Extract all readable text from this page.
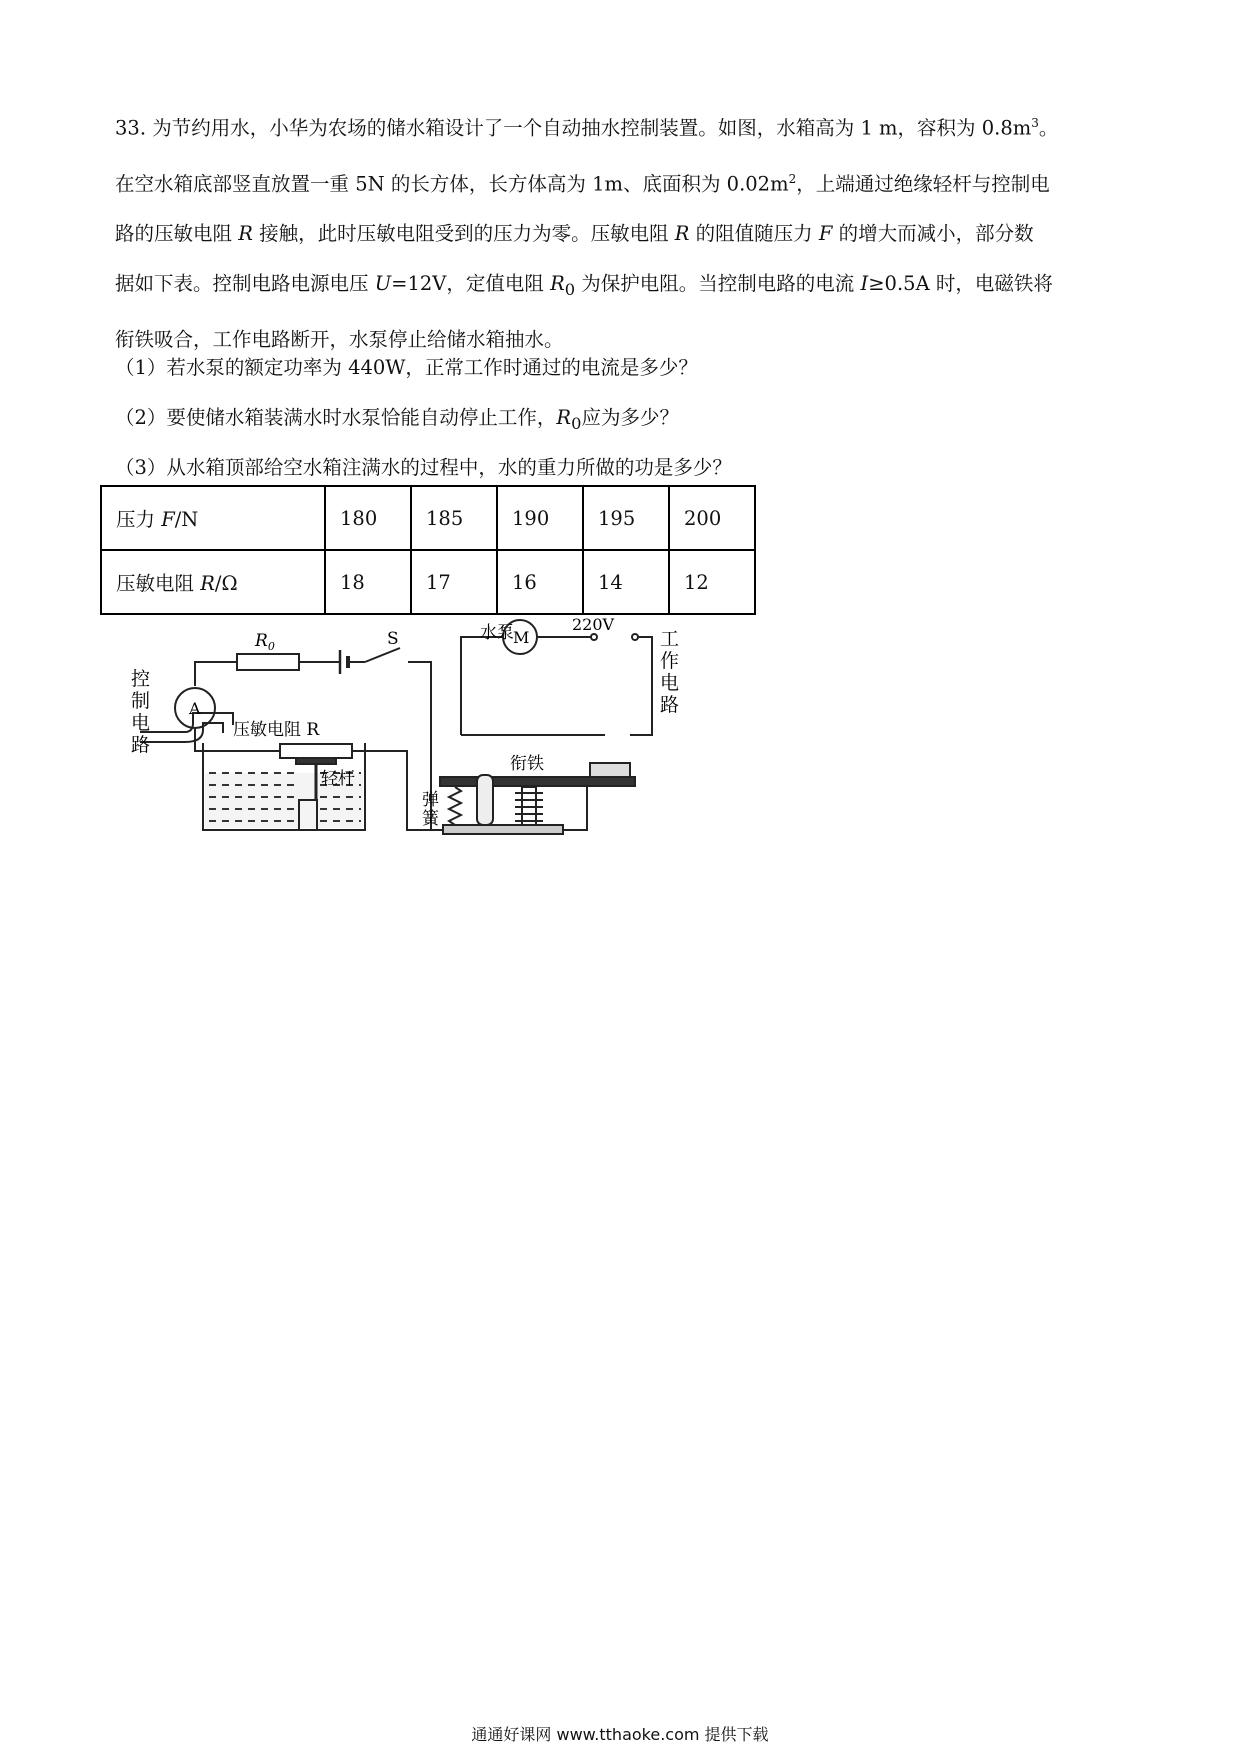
33. 为节约用水，小华为农场的储水箱设计了一个自动抽水控制装置。如图，水箱高为 1 m，容积为 $0.8m^3$。

在空水箱底部竖直放置一重 5N 的长方体，长方体高为 1m、底面积为 $0.02m^2$，上端通过绝缘轻杆与控制电

路的压敏电阻 R 接触，此时压敏电阻受到的压力为零。压敏电阻 R 的阻值随压力 F 的增大而减小，部分数

据如下表。控制电路电源电压 U=12V，定值电阻 $R_0$ 为保护电阻。当控制电路的电流 I≥0.5A 时，电磁铁将

衔铁吸合，工作电路断开，水泵停止给储水箱抽水。

（1）若水泵的额定功率为 440W，正常工作时通过的电流是多少？

（2）要使储水箱装满水时水泵恰能自动停止工作，$R_0$应为多少？

（3）从水箱顶部给空水箱注满水的过程中，水的重力所做的功是多少？

压力 F/N	180	185	190	195	200
压敏电阻 R/Ω	18	17	16	14	12
$R_0$	S
A
控
制
电
路
压敏电阻 R
轻杆
水泵 M
220V
工
作
电
路
衔铁
弹
簧
通通好课网 www.tthaoke.com 提供下载
